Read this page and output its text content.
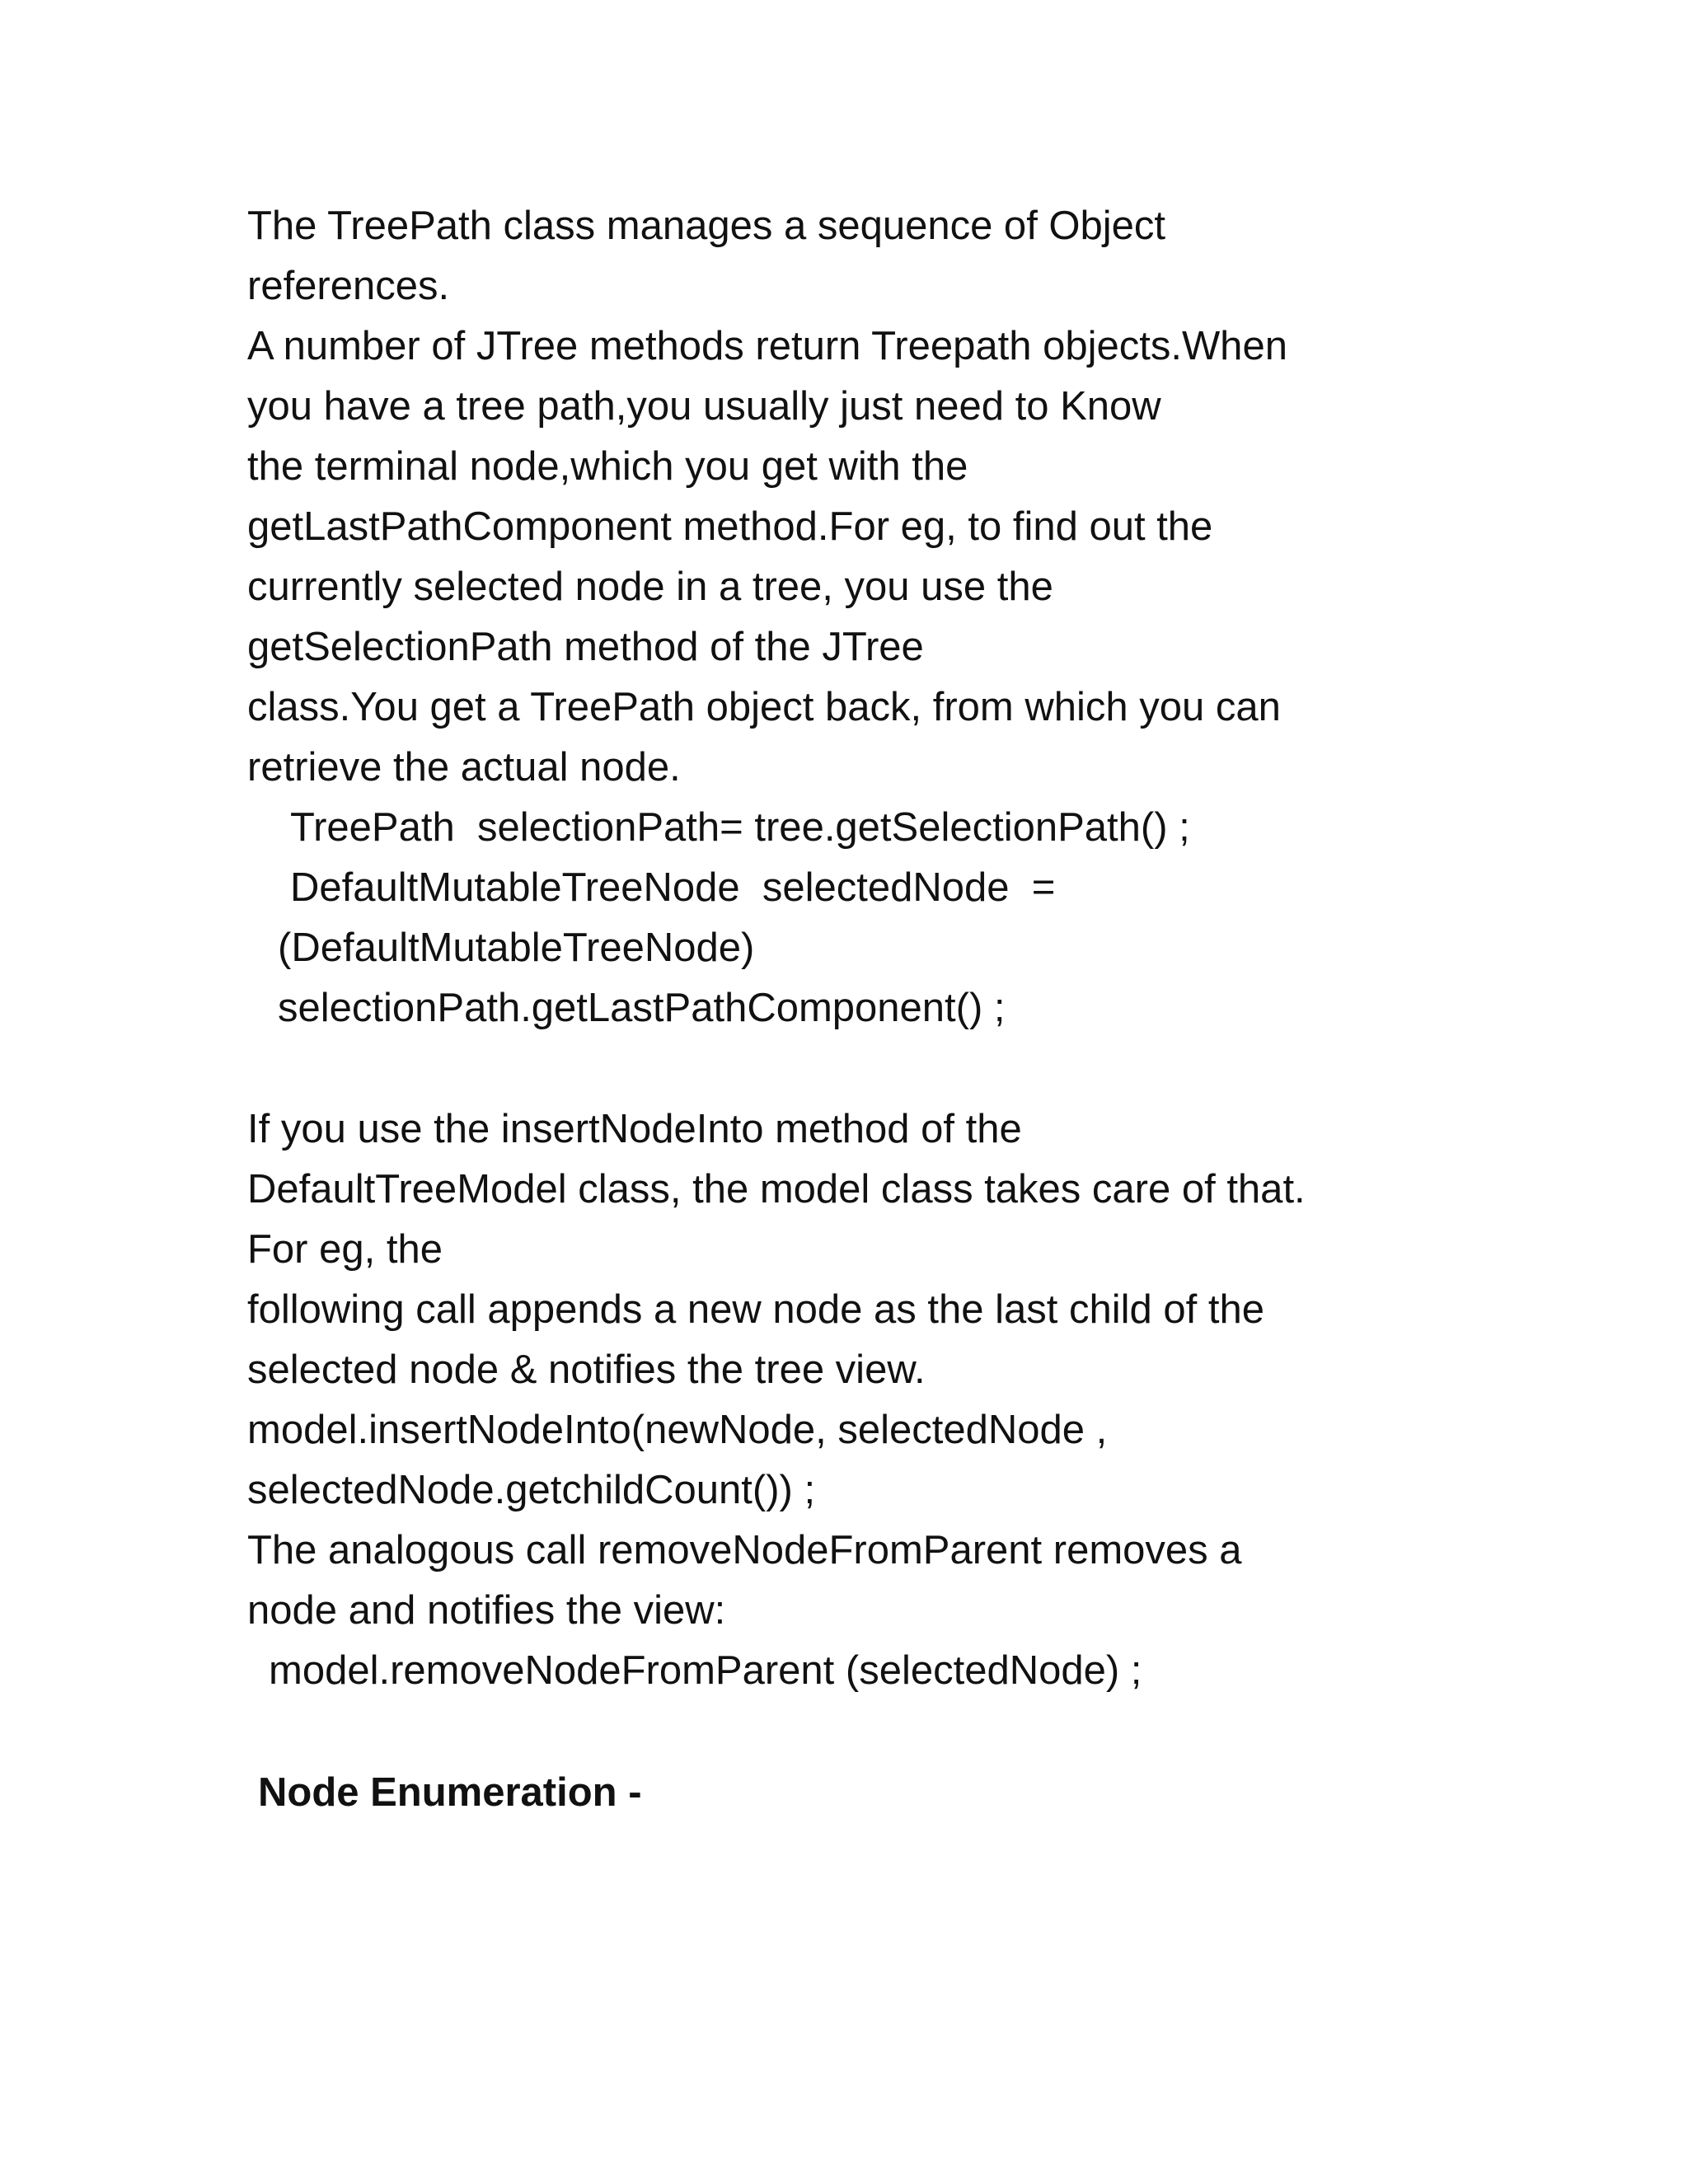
The TreePath class manages a sequence of Object
references.
A number of JTree methods return Treepath objects.When
you have a tree path,you usually just need to Know
the terminal node,which you get with the
getLastPathComponent method.For eg, to find out the
currently selected node in a tree, you use the
getSelectionPath method of the JTree
class.You get a TreePath object back, from which you can
retrieve the actual node.
TreePath  selectionPath= tree.getSelectionPath() ;
DefaultMutableTreeNode  selectedNode  =
(DefaultMutableTreeNode)
selectionPath.getLastPathComponent() ;
If you use the insertNodeInto method of the
DefaultTreeModel class, the model class takes care of that.
For eg, the
following call appends a new node as the last child of the
selected node & notifies the tree view.
model.insertNodeInto(newNode, selectedNode ,
selectedNode.getchildCount()) ;
The analogous call removeNodeFromParent removes a
node and notifies the view:
model.removeNodeFromParent (selectedNode) ;
Node Enumeration -
